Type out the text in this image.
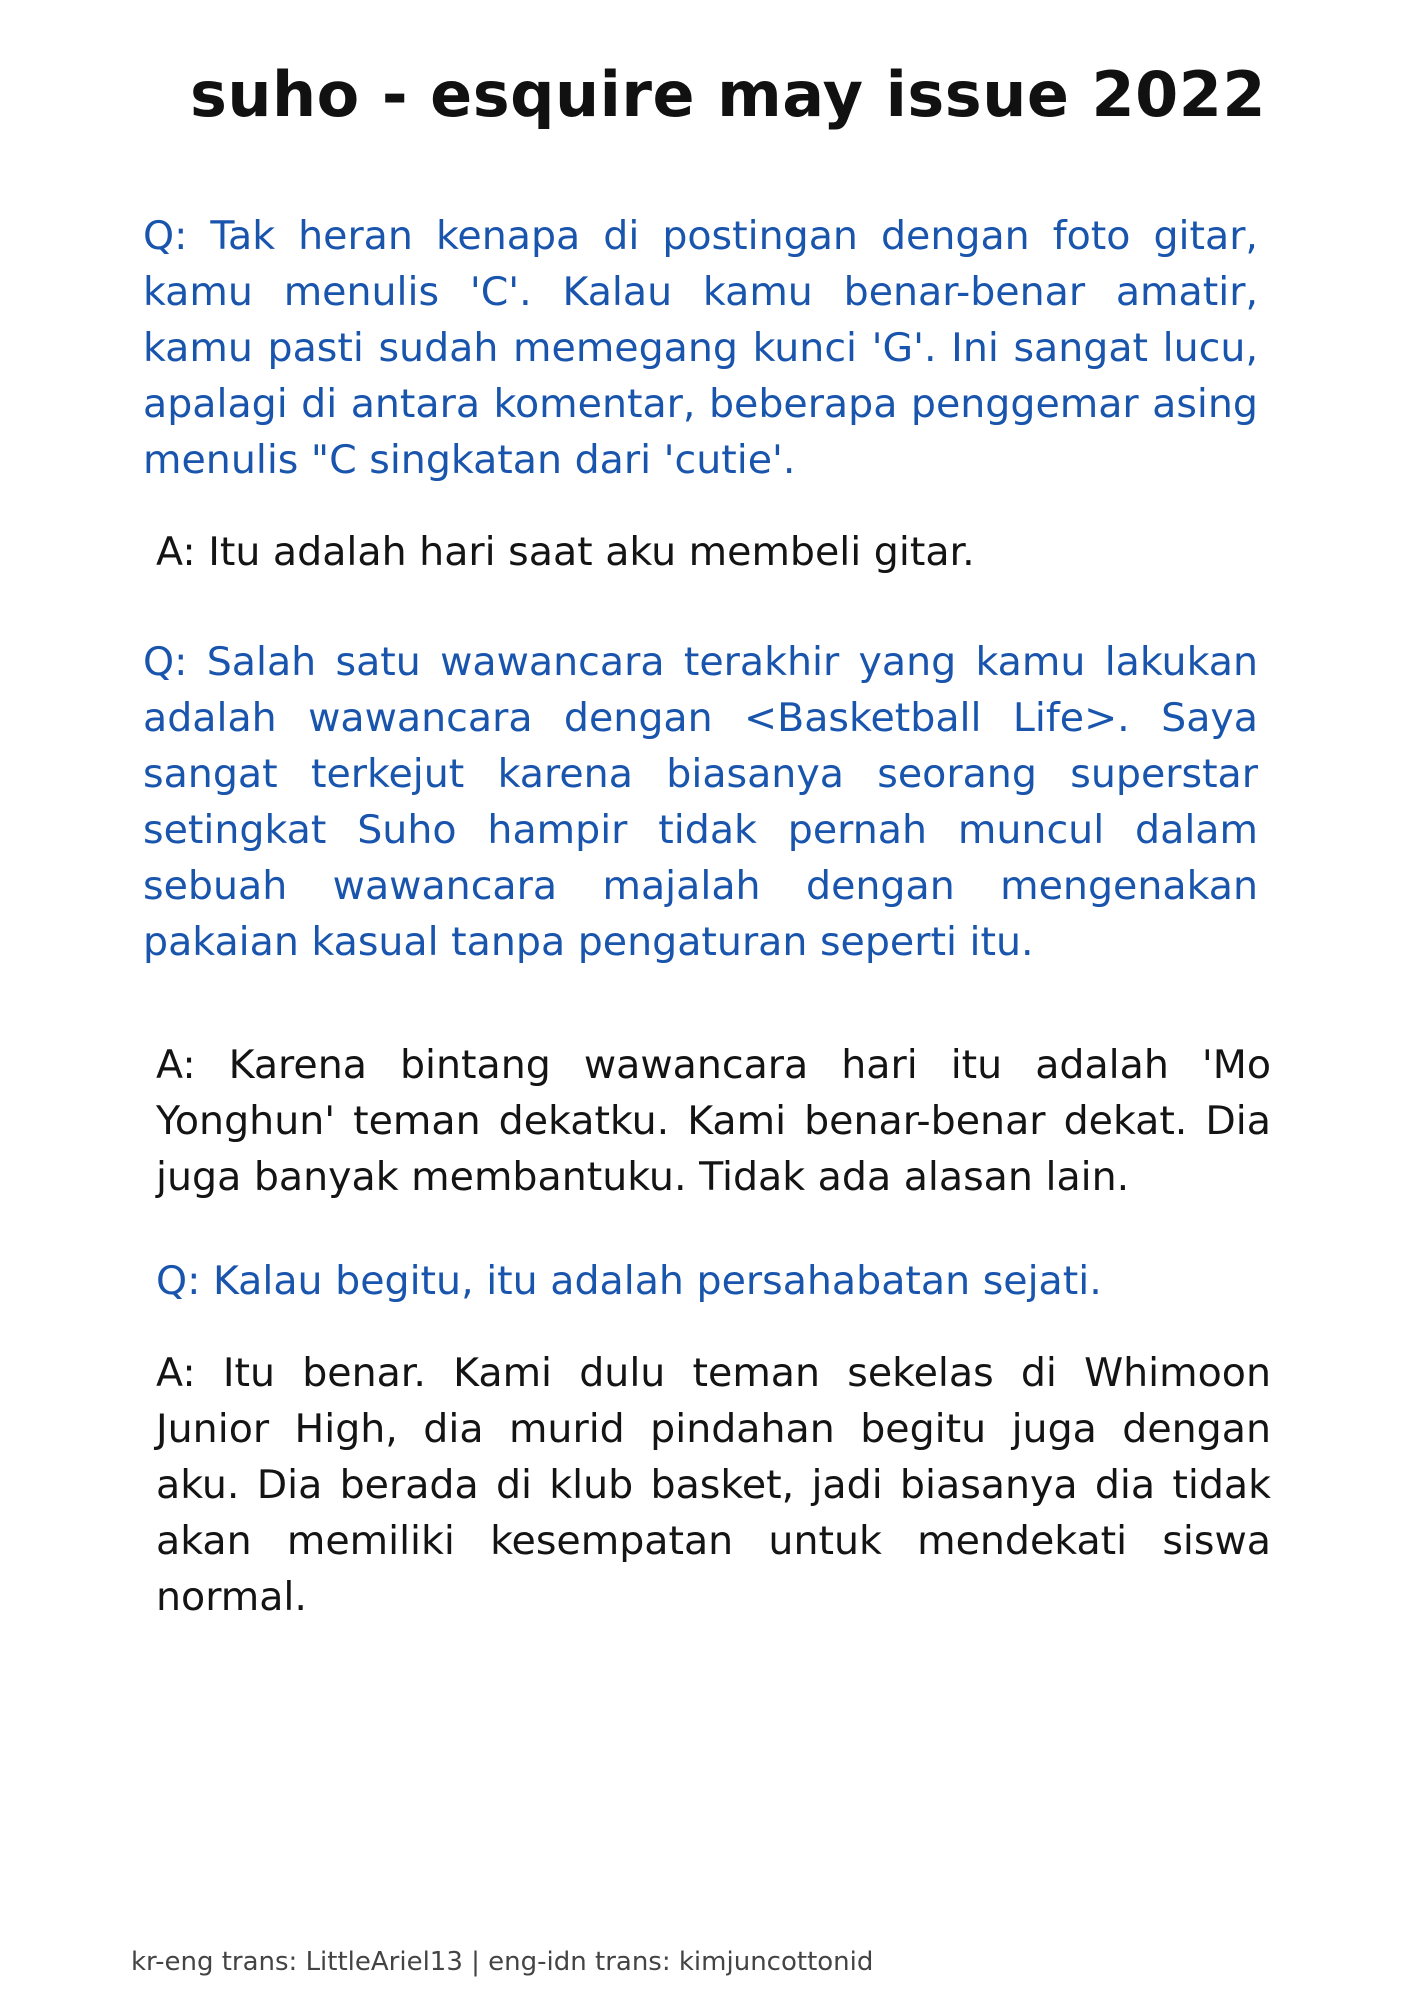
suho - esquire may issue 2022

Q: Tak heran kenapa di postingan dengan foto gitar, kamu menulis 'C'. Kalau kamu benar-benar amatir, kamu pasti sudah memegang kunci 'G'. Ini sangat lucu, apalagi di antara komentar, beberapa penggemar asing menulis "C singkatan dari 'cutie'.

A: Itu adalah hari saat aku membeli gitar.

Q: Salah satu wawancara terakhir yang kamu lakukan adalah wawancara dengan <Basketball Life>. Saya sangat terkejut karena biasanya seorang superstar setingkat Suho hampir tidak pernah muncul dalam sebuah wawancara majalah dengan mengenakan pakaian kasual tanpa pengaturan seperti itu.

A: Karena bintang wawancara hari itu adalah 'Mo Yonghun' teman dekatku. Kami benar-benar dekat. Dia juga banyak membantuku. Tidak ada alasan lain.

Q: Kalau begitu, itu adalah persahabatan sejati.

A: Itu benar. Kami dulu teman sekelas di Whimoon Junior High, dia murid pindahan begitu juga dengan aku. Dia berada di klub basket, jadi biasanya dia tidak akan memiliki kesempatan untuk mendekati siswa normal.

kr-eng trans: LittleAriel13 | eng-idn trans: kimjuncottonid
